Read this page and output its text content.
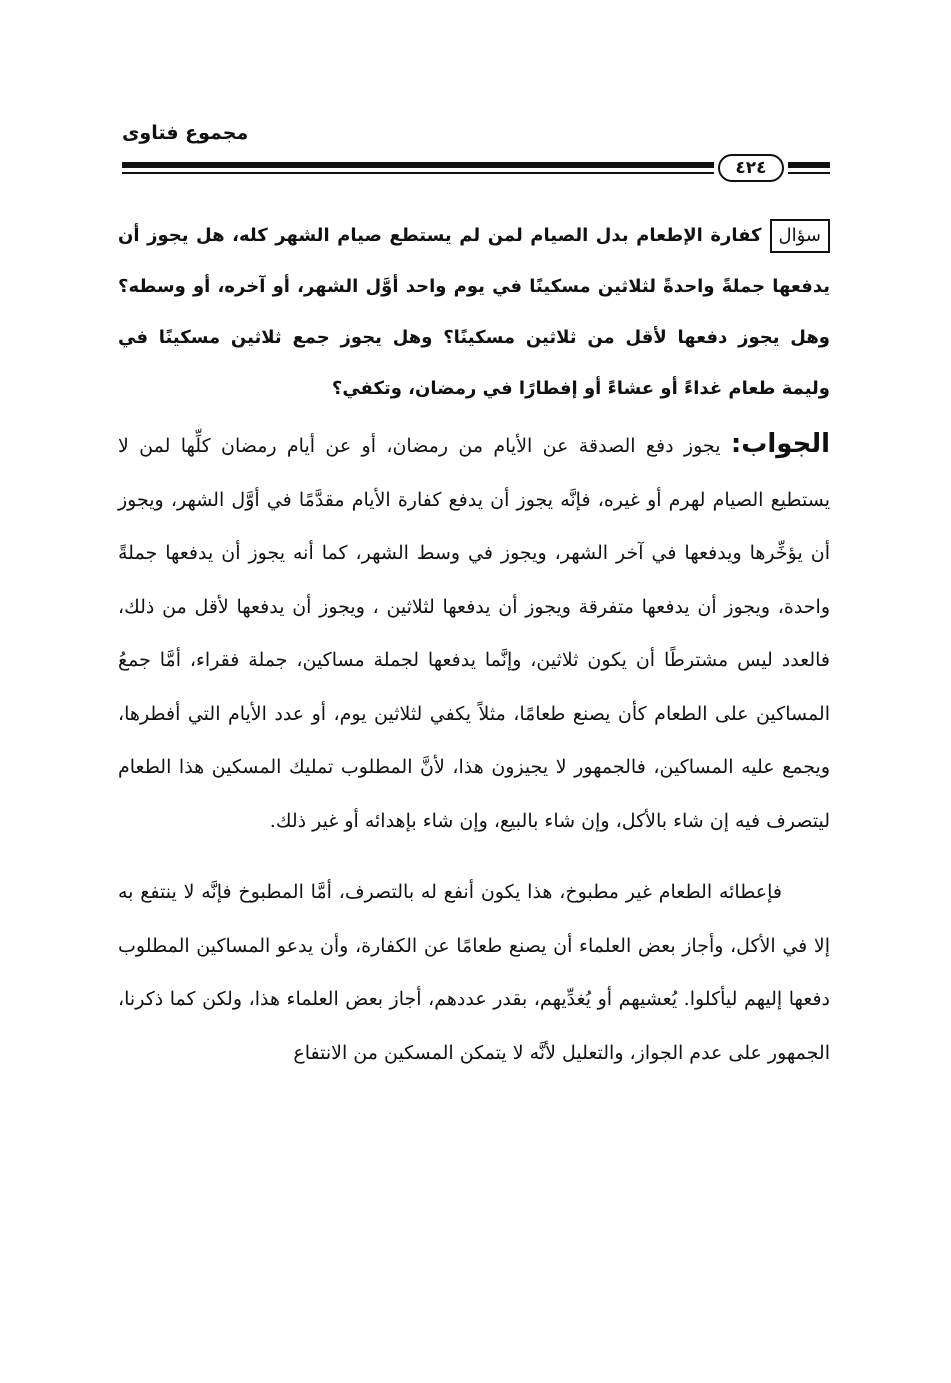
مجموع فتاوى
٤٢٤

سؤالكفارة الإطعام بدل الصيام لمن لم يستطع صيام الشهر كله، هل يجوز أن يدفعها جملةً واحدةً لثلاثين مسكينًا في يوم واحد أوَّل الشهر، أو آخره، أو وسطه؟ وهل يجوز دفعها لأقل من ثلاثين مسكينًا؟ وهل يجوز جمع ثلاثين مسكينًا في وليمة طعام غداءً أو عشاءً أو إفطارًا في رمضان، وتكفي؟

الجواب: يجوز دفع الصدقة عن الأيام من رمضان، أو عن أيام رمضان كلِّها لمن لا يستطيع الصيام لهرم أو غيره، فإنَّه يجوز أن يدفع كفارة الأيام مقدَّمًا في أوَّل الشهر، ويجوز أن يؤخِّرها ويدفعها في آخر الشهر، ويجوز في وسط الشهر، كما أنه يجوز أن يدفعها جملةً واحدة، ويجوز أن يدفعها متفرقة ويجوز أن يدفعها لثلاثين ، ويجوز أن يدفعها لأقل من ذلك، فالعدد ليس مشترطًا أن يكون ثلاثين، وإنَّما يدفعها لجملة مساكين، جملة فقراء، أمَّا جمعُ المساكين على الطعام كأن يصنع طعامًا، مثلاً يكفي لثلاثين يوم، أو عدد الأيام التي أفطرها، ويجمع عليه المساكين، فالجمهور لا يجيزون هذا، لأنَّ المطلوب تمليك المسكين هذا الطعام ليتصرف فيه إن شاء بالأكل، وإن شاء بالبيع، وإن شاء بإهدائه أو غير ذلك.

فإعطائه الطعام غير مطبوخ، هذا يكون أنفع له بالتصرف، أمَّا المطبوخ فإنَّه لا ينتفع به إلا في الأكل، وأجاز بعض العلماء أن يصنع طعامًا عن الكفارة، وأن يدعو المساكين المطلوب دفعها إليهم ليأكلوا. يُعشيهم أو يُغدِّيهم، بقدر عددهم، أجاز بعض العلماء هذا، ولكن كما ذكرنا، الجمهور على عدم الجواز، والتعليل لأنَّه لا يتمكن المسكين من الانتفاع
